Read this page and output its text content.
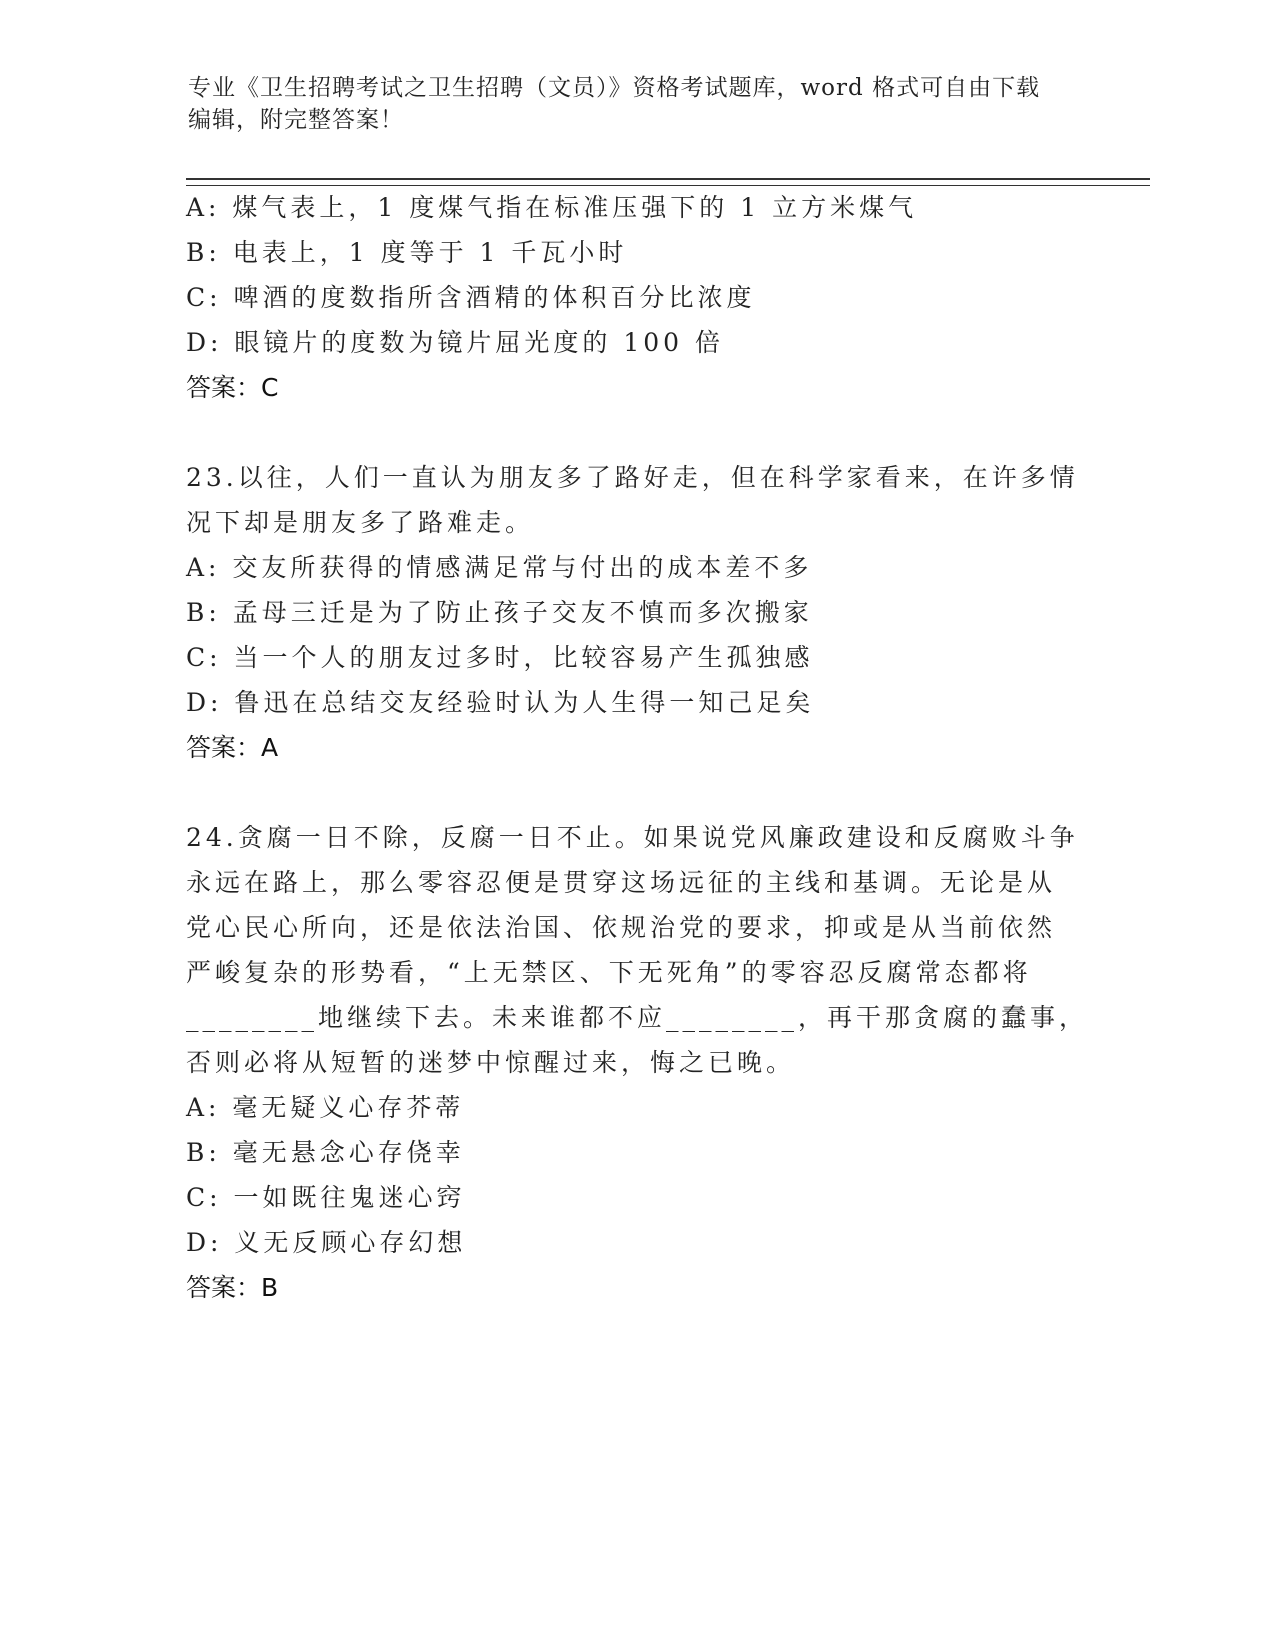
专业《卫生招聘考试之卫生招聘（文员）》资格考试题库，word 格式可自由下载
编辑，附完整答案！
A: 煤气表上，1 度煤气指在标准压强下的 1 立方米煤气
B: 电表上，1 度等于 1 千瓦小时
C: 啤酒的度数指所含酒精的体积百分比浓度
D: 眼镜片的度数为镜片屈光度的 100 倍
答案：C
23.以往，人们一直认为朋友多了路好走，但在科学家看来，在许多情
况下却是朋友多了路难走。
A: 交友所获得的情感满足常与付出的成本差不多
B: 孟母三迁是为了防止孩子交友不慎而多次搬家
C: 当一个人的朋友过多时，比较容易产生孤独感
D: 鲁迅在总结交友经验时认为人生得一知己足矣
答案：A
24.贪腐一日不除，反腐一日不止。如果说党风廉政建设和反腐败斗争
永远在路上，那么零容忍便是贯穿这场远征的主线和基调。无论是从
党心民心所向，还是依法治国、依规治党的要求，抑或是从当前依然
严峻复杂的形势看，“上无禁区、下无死角”的零容忍反腐常态都将
________地继续下去。未来谁都不应________，再干那贪腐的蠢事，
否则必将从短暂的迷梦中惊醒过来，悔之已晚。
A: 毫无疑义心存芥蒂
B: 毫无悬念心存侥幸
C: 一如既往鬼迷心窍
D: 义无反顾心存幻想
答案：B
